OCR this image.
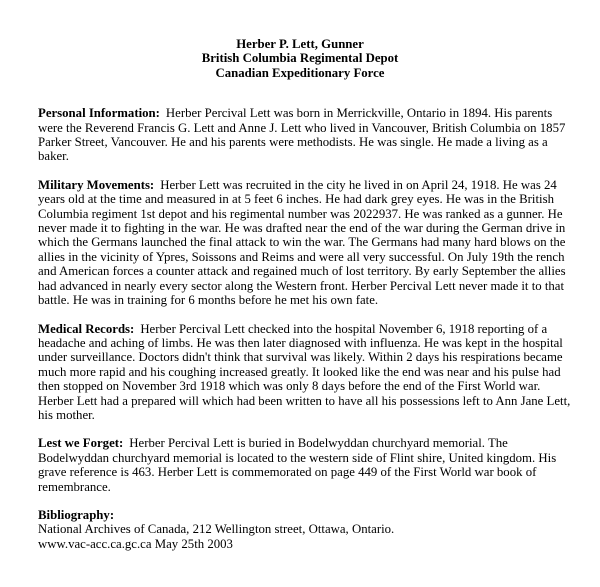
Herber P. Lett, Gunner
British Columbia Regimental Depot
Canadian Expeditionary Force

Personal Information: Herber Percival Lett was born in Merrickville, Ontario in 1894. His parents were the Reverend Francis G. Lett and Anne J. Lett who lived in Vancouver, British Columbia on 1857 Parker Street, Vancouver. He and his parents were methodists. He was single. He made a living as a baker.

Military Movements: Herber Lett was recruited in the city he lived in on April 24, 1918. He was 24 years old at the time and measured in at 5 feet 6 inches. He had dark grey eyes. He was in the British Columbia regiment 1st depot and his regimental number was 2022937. He was ranked as a gunner. He never made it to fighting in the war. He was drafted near the end of the war during the German drive in which the Germans launched the final attack to win the war. The Germans had many hard blows on the allies in the vicinity of Ypres, Soissons and Reims and were all very successful. On July 19th the rench and American forces a counter attack and regained much of lost territory. By early September the allies had advanced in nearly every sector along the Western front. Herber Percival Lett never made it to that battle. He was in training for 6 months before he met his own fate.

Medical Records: Herber Percival Lett checked into the hospital November 6, 1918 reporting of a headache and aching of limbs. He was then later diagnosed with influenza. He was kept in the hospital under surveillance. Doctors didn't think that survival was likely. Within 2 days his respirations became much more rapid and his coughing increased greatly. It looked like the end was near and his pulse had then stopped on November 3rd 1918 which was only 8 days before the end of the First World war. Herber Lett had a prepared will which had been written to have all his possessions left to Ann Jane Lett, his mother.

Lest we Forget: Herber Percival Lett is buried in Bodelwyddan churchyard memorial. The Bodelwyddan churchyard memorial is located to the western side of Flint shire, United kingdom. His grave reference is 463. Herber Lett is commemorated on page 449 of the First World war book of remembrance.

Bibliography:
National Archives of Canada, 212 Wellington street, Ottawa, Ontario.
www.vac-acc.ca.gc.ca May 25th 2003
